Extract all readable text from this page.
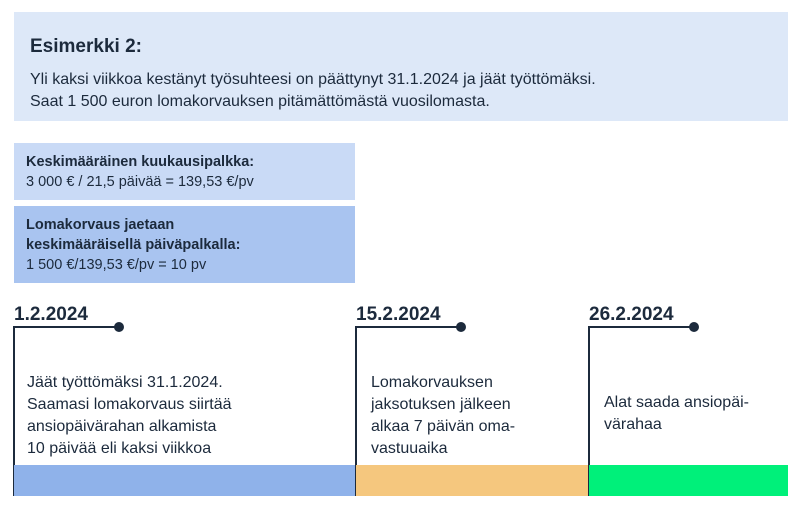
Esimerkki 2:
Yli kaksi viikkoa kestänyt työsuhteesi on päättynyt 31.1.2024 ja jäät työttömäksi.
Saat 1 500 euron lomakorvauksen pitämättömästä vuosilomasta.
Keskimääräinen kuukausipalkka:
3 000 € / 21,5 päivää = 139,53 €/pv
Lomakorvaus jaetaan
keskimääräisellä päiväpalkalla:
1 500 €/139,53 €/pv = 10 pv
1.2.2024
Jäät työttömäksi 31.1.2024.
Saamasi lomakorvaus siirtää
ansiopäivärahan alkamista
10 päivää eli kaksi viikkoa
15.2.2024
Lomakorvauksen
jaksotuksen jälkeen
alkaa 7 päivän oma-
vastuuaika
26.2.2024
Alat saada ansiopäi-
värahaa
